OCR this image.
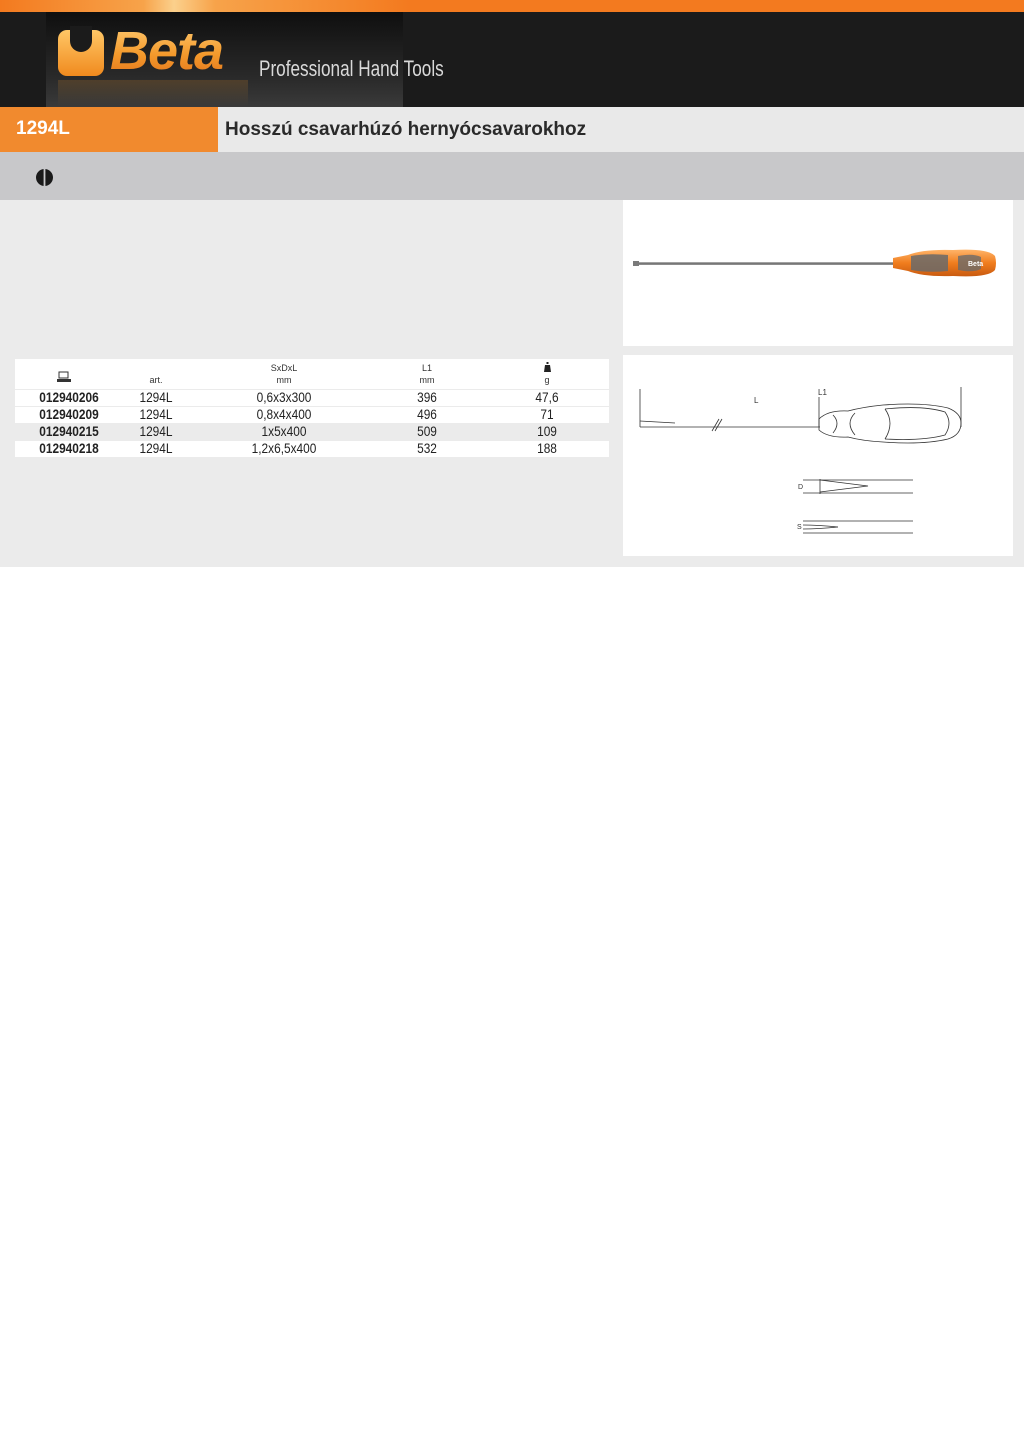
Beta Professional Hand Tools
1294L	Hosszú csavarhúzó hernyócsavarokhoz
Beta
L
L1
D
S
art.
SxDxL
mm
L1
mm	g
012940206	1294L	0,6x3x300	396	47,6
012940209	1294L	0,8x4x400	496	71
012940215	1294L	1x5x400	509	109
012940218	1294L	1,2x6,5x400	532	188
